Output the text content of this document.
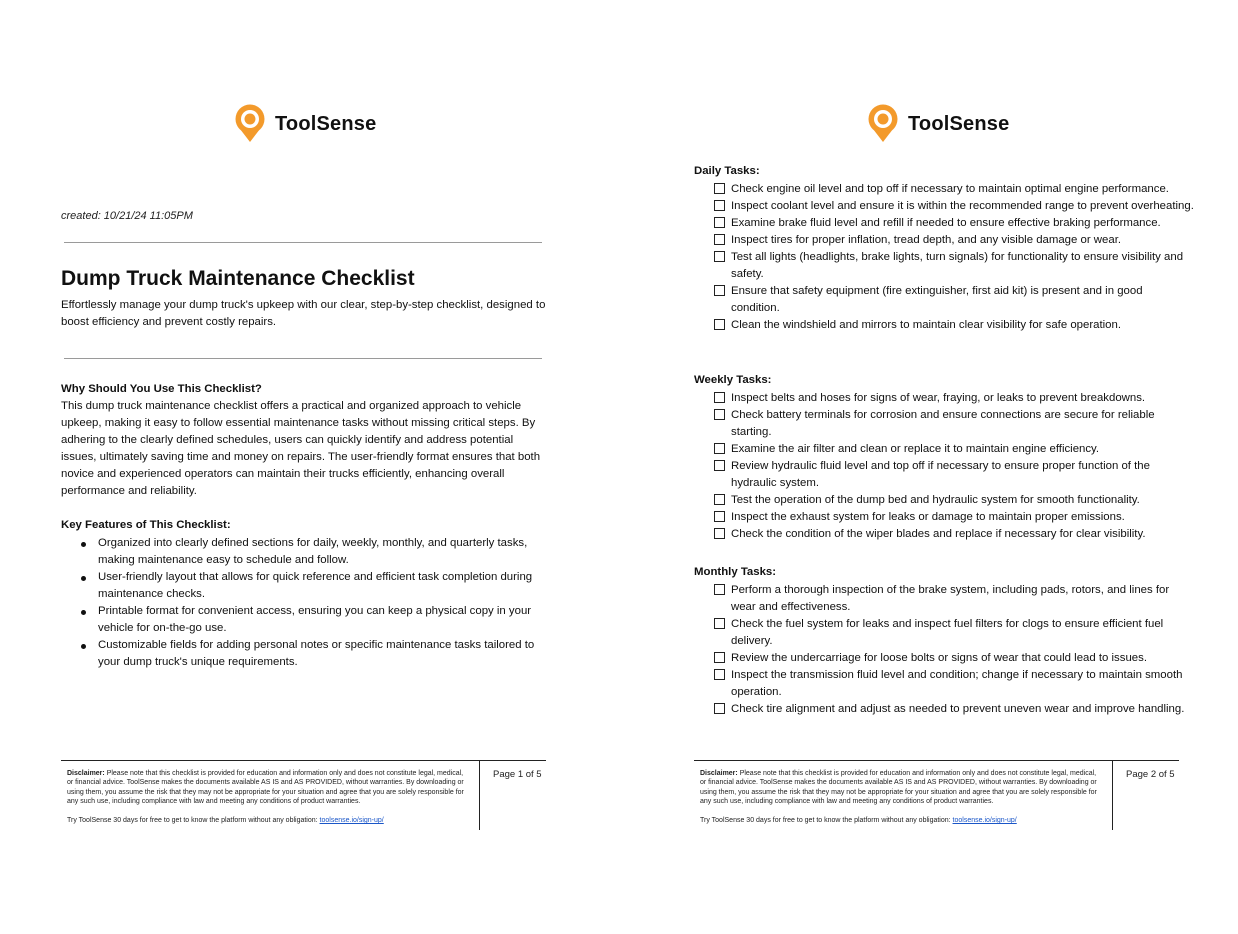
ToolSense

created: 10/21/24 11:05PM

Dump Truck Maintenance Checklist

Effortlessly manage your dump truck's upkeep with our clear, step-by-step checklist, designed to boost efficiency and prevent costly repairs.

Why Should You Use This Checklist?

This dump truck maintenance checklist offers a practical and organized approach to vehicle upkeep, making it easy to follow essential maintenance tasks without missing critical steps. By adhering to the clearly defined schedules, users can quickly identify and address potential issues, ultimately saving time and money on repairs. The user-friendly format ensures that both novice and experienced operators can maintain their trucks efficiently, enhancing overall performance and reliability.

Key Features of This Checklist:
Organized into clearly defined sections for daily, weekly, monthly, and quarterly tasks, making maintenance easy to schedule and follow.
User-friendly layout that allows for quick reference and efficient task completion during maintenance checks.
Printable format for convenient access, ensuring you can keep a physical copy in your vehicle for on-the-go use.
Customizable fields for adding personal notes or specific maintenance tasks tailored to your dump truck's unique requirements.

Disclaimer: Please note that this checklist is provided for education and information only and does not constitute legal, medical, or financial advice. ToolSense makes the documents available AS IS and AS PROVIDED, without warranties. By downloading or using them, you assume the risk that they may not be appropriate for your situation and agree that you are solely responsible for any such use, including compliance with law and meeting any conditions of product warranties.

Try ToolSense 30 days for free to get to know the platform without any obligation: toolsense.io/sign-up/

Page 1 of 5
ToolSense
Daily Tasks:
Check engine oil level and top off if necessary to maintain optimal engine performance.
Inspect coolant level and ensure it is within the recommended range to prevent overheating.
Examine brake fluid level and refill if needed to ensure effective braking performance.
Inspect tires for proper inflation, tread depth, and any visible damage or wear.
Test all lights (headlights, brake lights, turn signals) for functionality to ensure visibility and safety.
Ensure that safety equipment (fire extinguisher, first aid kit) is present and in good condition.
Clean the windshield and mirrors to maintain clear visibility for safe operation.
Weekly Tasks:
Inspect belts and hoses for signs of wear, fraying, or leaks to prevent breakdowns.
Check battery terminals for corrosion and ensure connections are secure for reliable starting.
Examine the air filter and clean or replace it to maintain engine efficiency.
Review hydraulic fluid level and top off if necessary to ensure proper function of the hydraulic system.
Test the operation of the dump bed and hydraulic system for smooth functionality.
Inspect the exhaust system for leaks or damage to maintain proper emissions.
Check the condition of the wiper blades and replace if necessary for clear visibility.
Monthly Tasks:
Perform a thorough inspection of the brake system, including pads, rotors, and lines for wear and effectiveness.
Check the fuel system for leaks and inspect fuel filters for clogs to ensure efficient fuel delivery.
Review the undercarriage for loose bolts or signs of wear that could lead to issues.
Inspect the transmission fluid level and condition; change if necessary to maintain smooth operation.
Check tire alignment and adjust as needed to prevent uneven wear and improve handling.

Disclaimer: Please note that this checklist is provided for education and information only and does not constitute legal, medical, or financial advice. ToolSense makes the documents available AS IS and AS PROVIDED, without warranties. By downloading or using them, you assume the risk that they may not be appropriate for your situation and agree that you are solely responsible for any such use, including compliance with law and meeting any conditions of product warranties.

Try ToolSense 30 days for free to get to know the platform without any obligation: toolsense.io/sign-up/

Page 2 of 5
